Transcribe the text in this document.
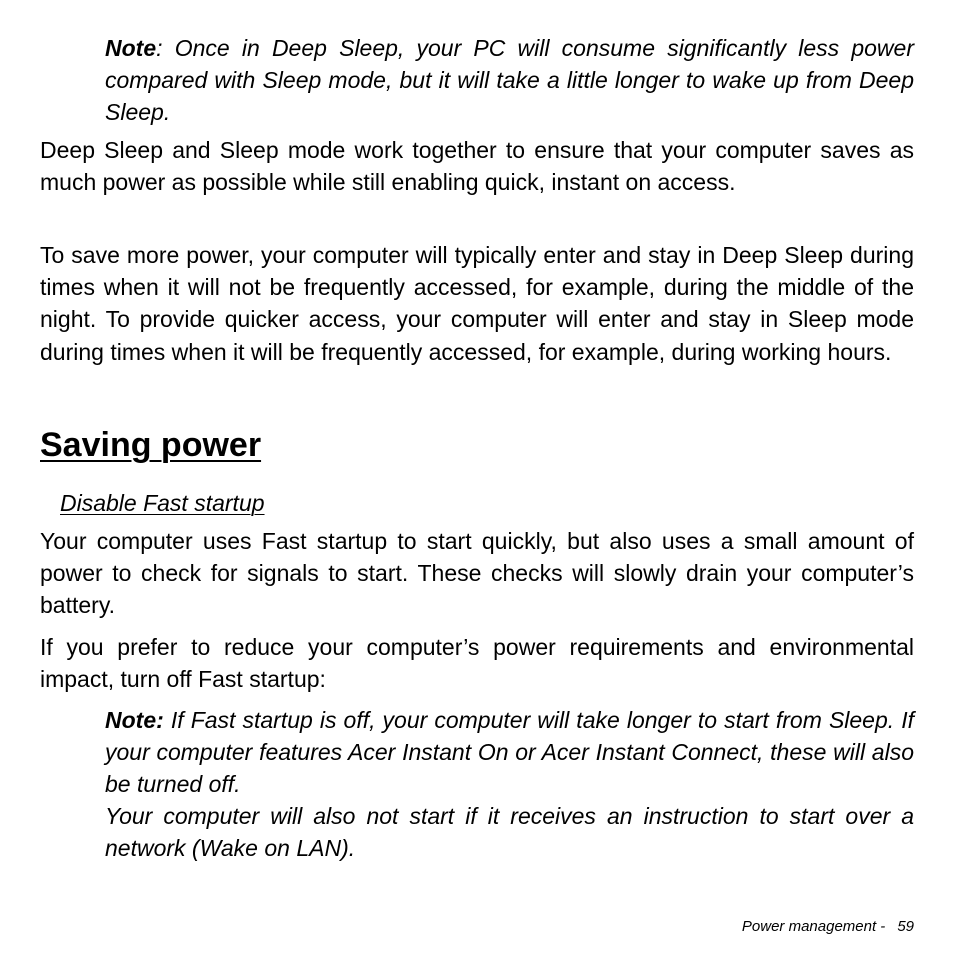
Note: Once in Deep Sleep, your PC will consume significantly less power compared with Sleep mode, but it will take a little longer to wake up from Deep Sleep.

Deep Sleep and Sleep mode work together to ensure that your computer saves as much power as possible while still enabling quick, instant on access.

To save more power, your computer will typically enter and stay in Deep Sleep during times when it will not be frequently accessed, for example, during the middle of the night. To provide quicker access, your computer will enter and stay in Sleep mode during times when it will be frequently accessed, for example, during working hours.

Saving power
Disable Fast startup

Your computer uses Fast startup to start quickly, but also uses a small amount of power to check for signals to start. These checks will slowly drain your computer’s battery.

If you prefer to reduce your computer’s power requirements and environmental impact, turn off Fast startup:

Note: If Fast startup is off, your computer will take longer to start from Sleep. If your computer features Acer Instant On or Acer Instant Connect, these will also be turned off.

Your computer will also not start if it receives an instruction to start over a network (Wake on LAN).

Power management - 59
